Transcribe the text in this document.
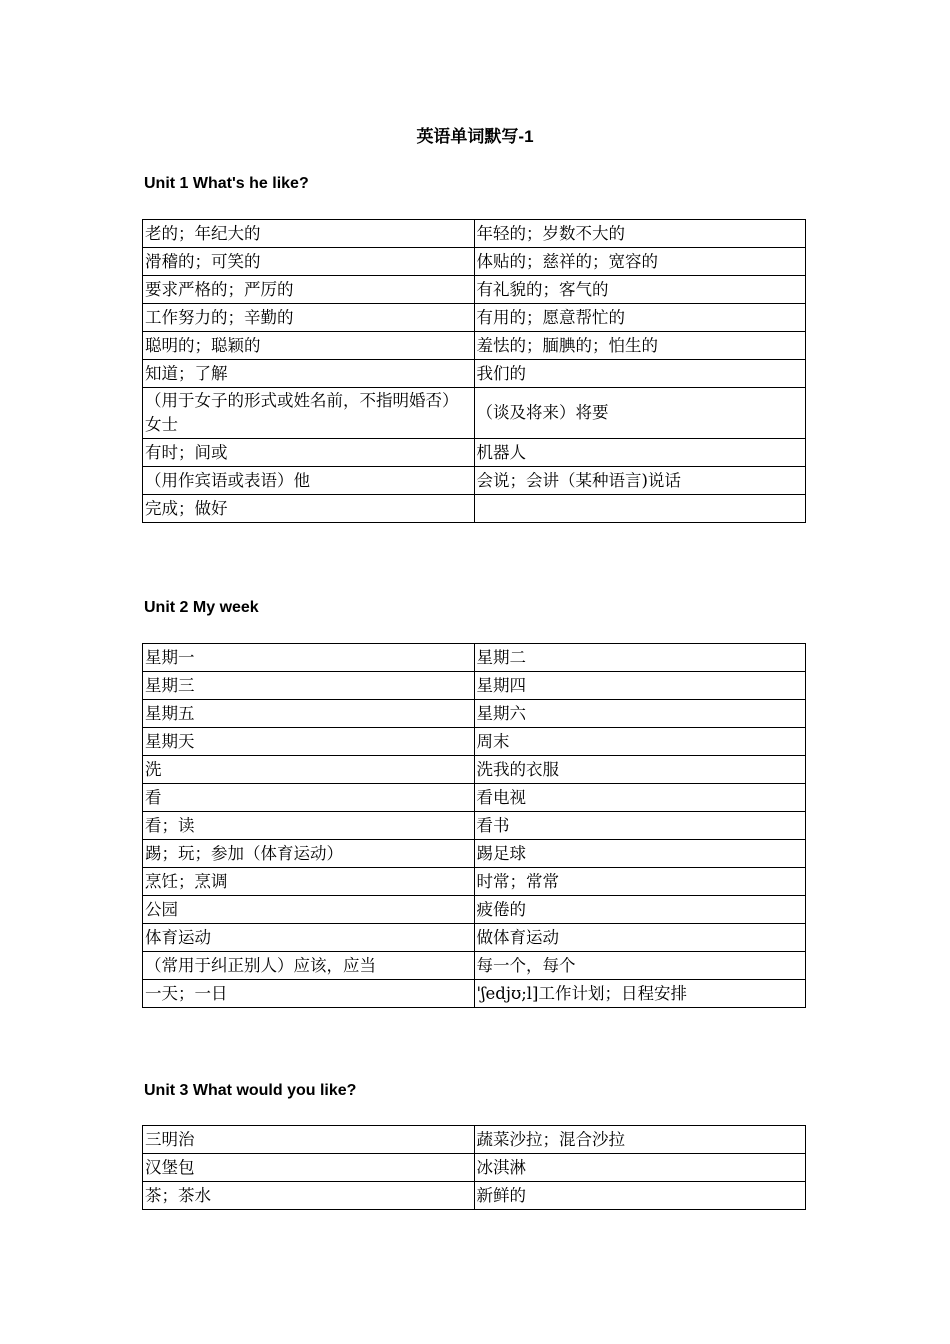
英语单词默写-1
Unit 1 What's he like?
老的；年纪大的	年轻的；岁数不大的
滑稽的；可笑的	体贴的；慈祥的；宽容的
要求严格的；严厉的	有礼貌的；客气的
工作努力的；辛勤的	有用的；愿意帮忙的
聪明的；聪颖的	羞怯的；腼腆的；怕生的
知道；了解	我们的
（用于女子的形式或姓名前，不指明婚否）女士	（谈及将来）将要
有时；间或	机器人
（用作宾语或表语）他	会说；会讲（某种语言)说话
完成；做好	
Unit 2 My week
星期一	星期二
星期三	星期四
星期五	星期六
星期天	周末
洗	洗我的衣服
看	看电视
看；读	看书
踢；玩；参加（体育运动）	踢足球
烹饪；烹调	时常；常常
公园	疲倦的
体育运动	做体育运动
（常用于纠正别人）应该，应当	每一个，每个
一天；一日	'ʃedjʊ;l]工作计划；日程安排
Unit 3 What would you like?
三明治	蔬菜沙拉；混合沙拉
汉堡包	冰淇淋
茶；茶水	新鲜的
